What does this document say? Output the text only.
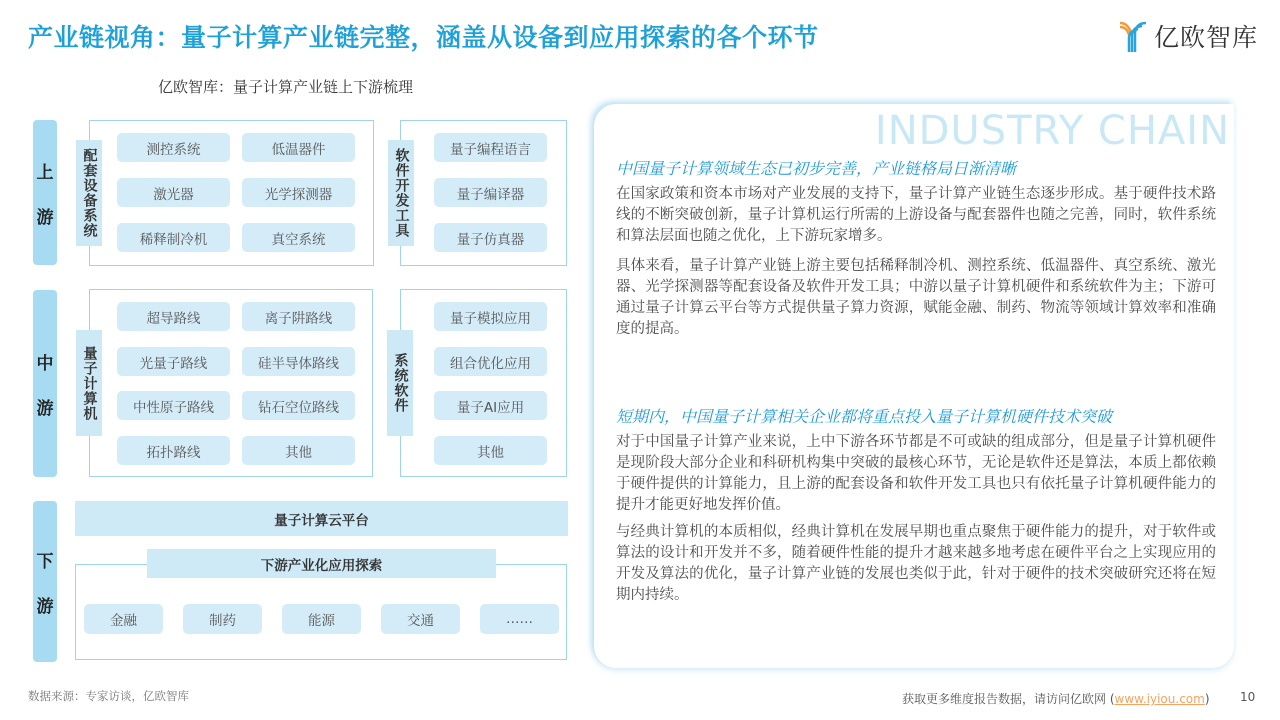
产业链视角：量子计算产业链完整，涵盖从设备到应用探索的各个环节	亿欧智库
亿欧智库：量子计算产业链上下游梳理
上
游 配套设备系统	测控系统	低温器件
激光器	光学探测器
稀释制冷机	真空系统
软件开发工具	量子编程语言
量子编译器
量子仿真器
中
游 量子计算机
超导路线	离子阱路线
光量子路线	硅半导体路线
中性原子路线	钻石空位路线
拓扑路线	其他
系统软件
量子模拟应用
组合优化应用
量子AI应用
其他
下
游
量子计算云平台
下游产业化应用探索
金融	制药	能源	交通	……
INDUSTRY CHAIN
中国量子计算领域生态已初步完善，产业链格局日渐清晰
在国家政策和资本市场对产业发展的支持下，量子计算产业链生态逐步形成。基于硬件技术路线的不断突破创新，量子计算机运行所需的上游设备与配套器件也随之完善，同时，软件系统和算法层面也随之优化，上下游玩家增多。
具体来看，量子计算产业链上游主要包括稀释制冷机、测控系统、低温器件、真空系统、激光器、光学探测器等配套设备及软件开发工具；中游以量子计算机硬件和系统软件为主；下游可通过量子计算云平台等方式提供量子算力资源，赋能金融、制药、物流等领域计算效率和准确度的提高。
短期内，中国量子计算相关企业都将重点投入量子计算机硬件技术突破
对于中国量子计算产业来说，上中下游各环节都是不可或缺的组成部分，但是量子计算机硬件是现阶段大部分企业和科研机构集中突破的最核心环节，无论是软件还是算法，本质上都依赖于硬件提供的计算能力，且上游的配套设备和软件开发工具也只有依托量子计算机硬件能力的提升才能更好地发挥价值。
与经典计算机的本质相似，经典计算机在发展早期也重点聚焦于硬件能力的提升，对于软件或算法的设计和开发并不多，随着硬件性能的提升才越来越多地考虑在硬件平台之上实现应用的开发及算法的优化，量子计算产业链的发展也类似于此，针对于硬件的技术突破研究还将在短期内持续。
数据来源：专家访谈，亿欧智库	获取更多维度报告数据，请访问亿欧网 (www.iyiou.com)	10
